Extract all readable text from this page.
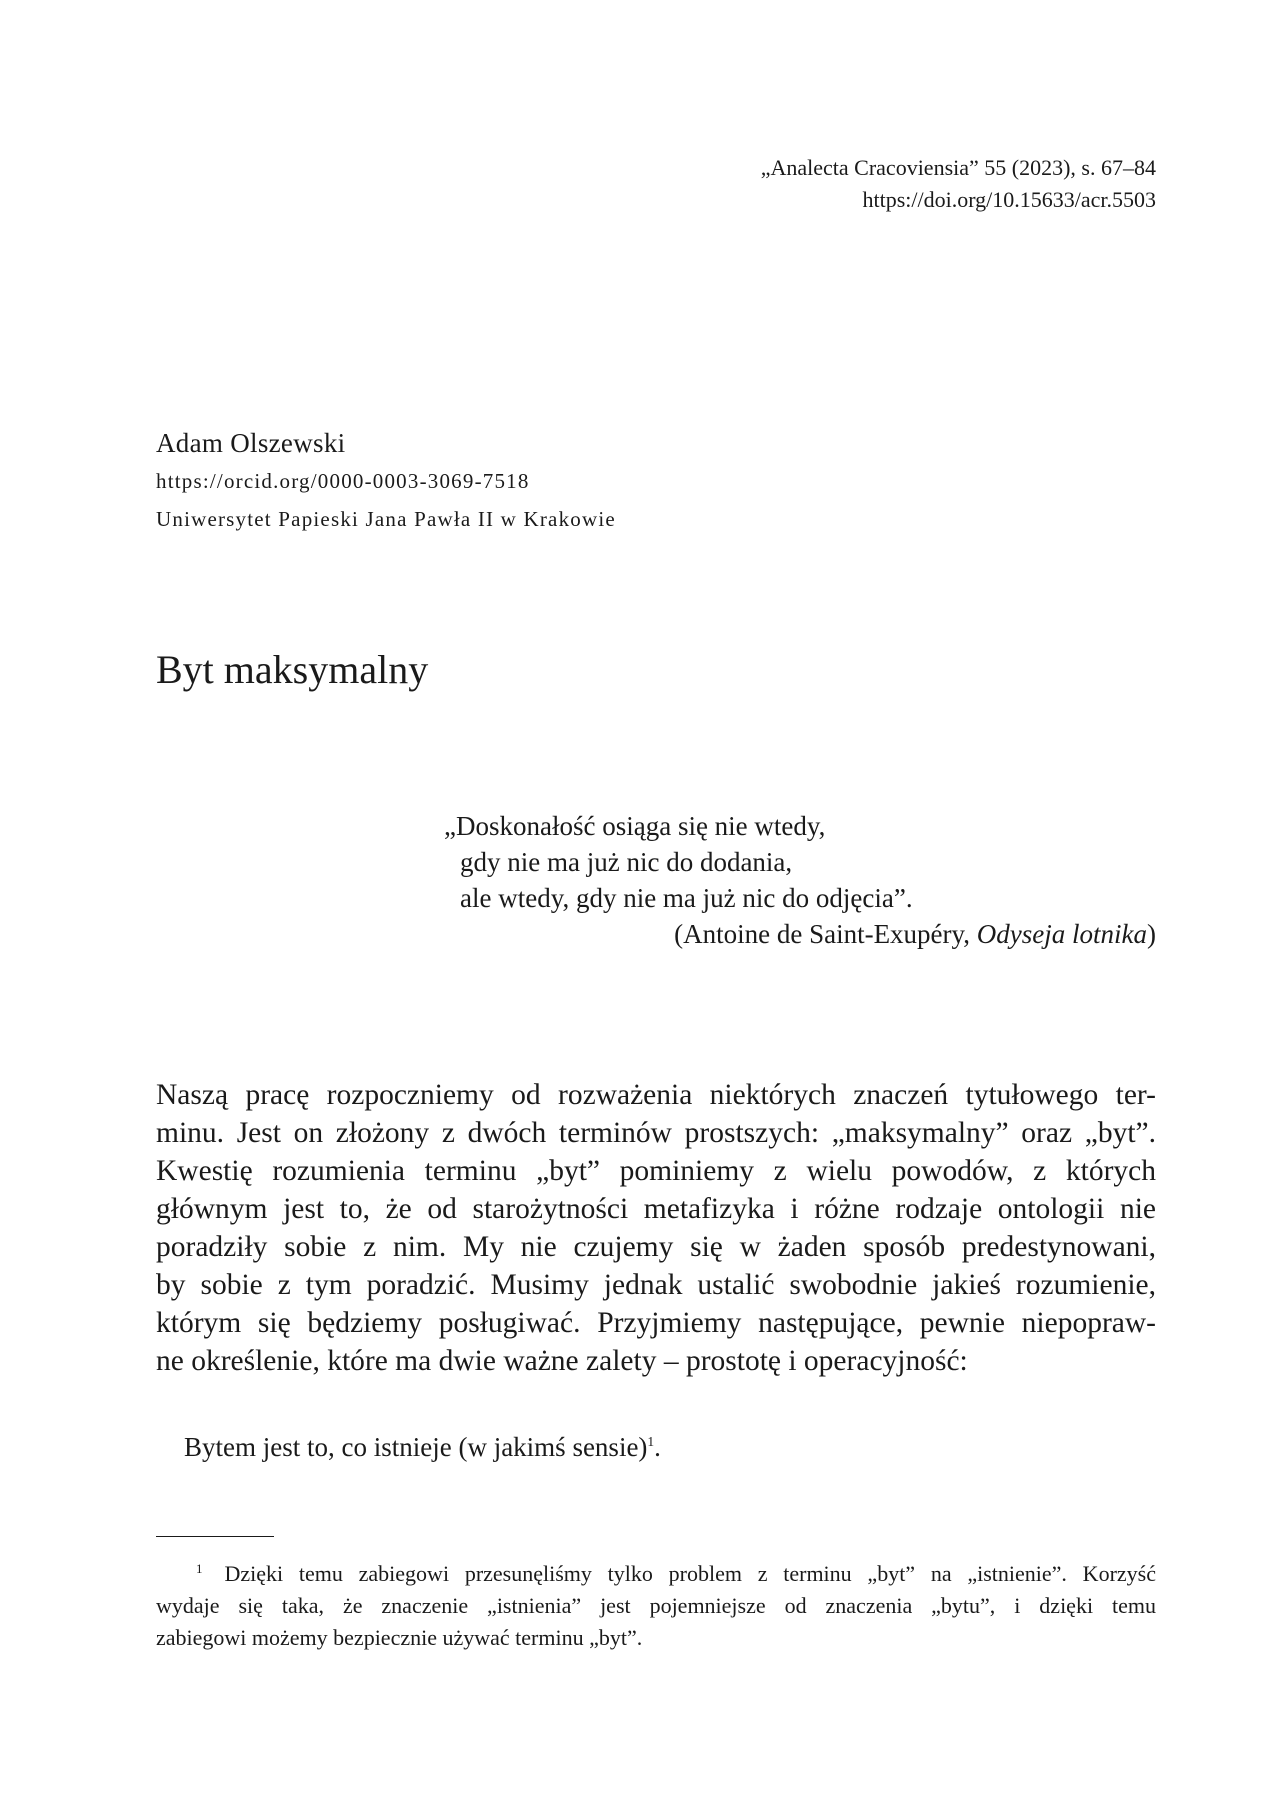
„Analecta Cracoviensia” 55 (2023), s. 67–84
https://doi.org/10.15633/acr.5503
Adam Olszewski
https://orcid.org/0000-0003-3069-7518
Uniwersytet Papieski Jana Pawła II w Krakowie
Byt maksymalny
„Doskonałość osiąga się nie wtedy,
gdy nie ma już nic do dodania,
ale wtedy, gdy nie ma już nic do odjęcia”.
(Antoine de Saint-Exupéry, Odyseja lotnika)
Naszą pracę rozpoczniemy od rozważenia niektórych znaczeń tytułowego ter-
minu. Jest on złożony z dwóch terminów prostszych: „maksymalny” oraz „byt”.
Kwestię rozumienia terminu „byt” pominiemy z wielu powodów, z których
głównym jest to, że od starożytności metafizyka i różne rodzaje ontologii nie
poradziły sobie z nim. My nie czujemy się w żaden sposób predestynowani,
by sobie z tym poradzić. Musimy jednak ustalić swobodnie jakieś rozumienie,
którym się będziemy posługiwać. Przyjmiemy następujące, pewnie niepopraw-
ne określenie, które ma dwie ważne zalety – prostotę i operacyjność:
Bytem jest to, co istnieje (w jakimś sensie)$^1$.
$^1$ Dzięki temu zabiegowi przesunęliśmy tylko problem z terminu „byt” na „istnienie”. Korzyść
wydaje się taka, że znaczenie „istnienia” jest pojemniejsze od znaczenia „bytu”, i dzięki temu
zabiegowi możemy bezpiecznie używać terminu „byt”.
